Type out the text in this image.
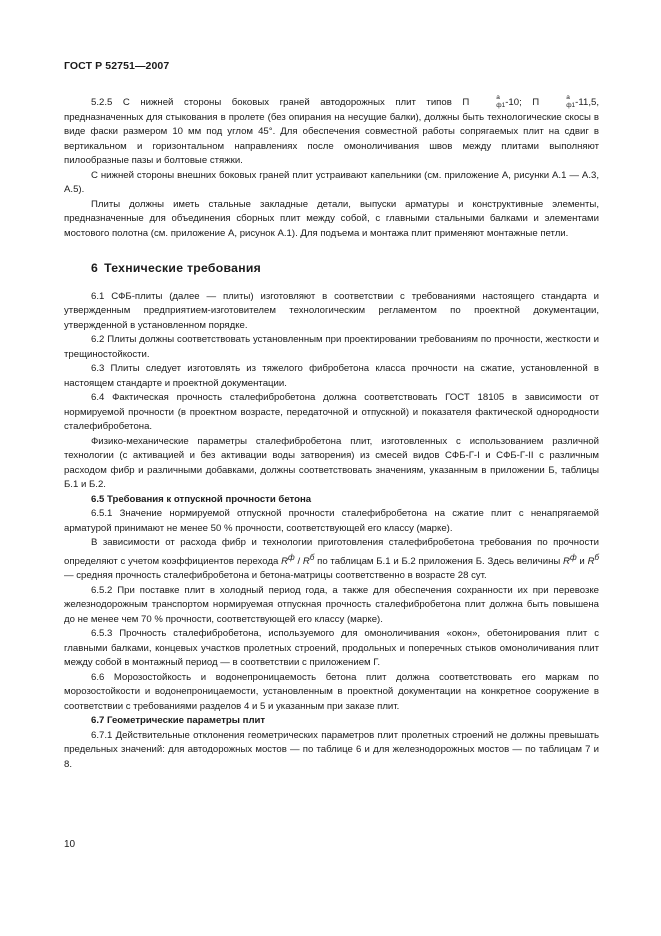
ГОСТ Р 52751—2007

5.2.5 С нижней стороны боковых граней автодорожных плит типов П	а
ф1 -10; П	а
ф1 -11,5, предназначенных для стыкования в пролете (без опирания на несущие балки), должны быть технологические скосы в виде фаски размером 10 мм под углом 45°. Для обеспечения совместной работы сопрягаемых плит на сдвиг в вертикальном и горизонтальном направлениях после омоноличивания швов между плитами выполняют пилообразные пазы и болтовые стяжки.

С нижней стороны внешних боковых граней плит устраивают капельники (см. приложение А, рисунки А.1 — А.3, А.5).

Плиты должны иметь стальные закладные детали, выпуски арматуры и конструктивные элементы, предназначенные для объединения сборных плит между собой, с главными стальными балками и элементами мостового полотна (см. приложение А, рисунок А.1). Для подъема и монтажа плит применяют монтажные петли.

6 Технические требования

6.1 СФБ-плиты (далее — плиты) изготовляют в соответствии с требованиями настоящего стандарта и утвержденным предприятием-изготовителем технологическим регламентом по проектной документации, утвержденной в установленном порядке.

6.2 Плиты должны соответствовать установленным при проектировании требованиям по прочности, жесткости и трещиностойкости.

6.3 Плиты следует изготовлять из тяжелого фибробетона класса прочности на сжатие, установленной в настоящем стандарте и проектной документации.

6.4 Фактическая прочность сталефибробетона должна соответствовать ГОСТ 18105 в зависимости от нормируемой прочности (в проектном возрасте, передаточной и отпускной) и показателя фактической однородности сталефибробетона.

Физико-механические параметры сталефибробетона плит, изготовленных с использованием различной технологии (с активацией и без активации воды затворения) из смесей видов СФБ-Г-I и СФБ-Г-II с различным расходом фибр и различными добавками, должны соответствовать значениям, указанным в приложении Б, таблицы Б.1 и Б.2.

6.5 Требования к отпускной прочности бетона

6.5.1 Значение нормируемой отпускной прочности сталефибробетона на сжатие плит с ненапрягаемой арматурой принимают не менее 50 % прочности, соответствующей его классу (марке).

В зависимости от расхода фибр и технологии приготовления сталефибробетона требования по прочности определяют с учетом коэффициентов перехода $R^ф / R^б$ по таблицам Б.1 и Б.2 приложения Б. Здесь величины $R^ф$ и $R^б$ — средняя прочность сталефибробетона и бетона-матрицы соответственно в возрасте 28 сут.

6.5.2 При поставке плит в холодный период года, а также для обеспечения сохранности их при перевозке железнодорожным транспортом нормируемая отпускная прочность сталефибробетона плит должна быть повышена до не менее чем 70 % прочности, соответствующей его классу (марке).

6.5.3 Прочность сталефибробетона, используемого для омоноличивания «окон», обетонирования плит с главными балками, концевых участков пролетных строений, продольных и поперечных стыков омоноличивания плит между собой в монтажный период — в соответствии с приложением Г.

6.6 Морозостойкость и водонепроницаемость бетона плит должна соответствовать его маркам по морозостойкости и водонепроницаемости, установленным в проектной документации на конкретное сооружение в соответствии с требованиями разделов 4 и 5 и указанным при заказе плит.

6.7 Геометрические параметры плит

6.7.1 Действительные отклонения геометрических параметров плит пролетных строений не должны превышать предельных значений: для автодорожных мостов — по таблице 6 и для железнодорожных мостов — по таблицам 7 и 8.

10
